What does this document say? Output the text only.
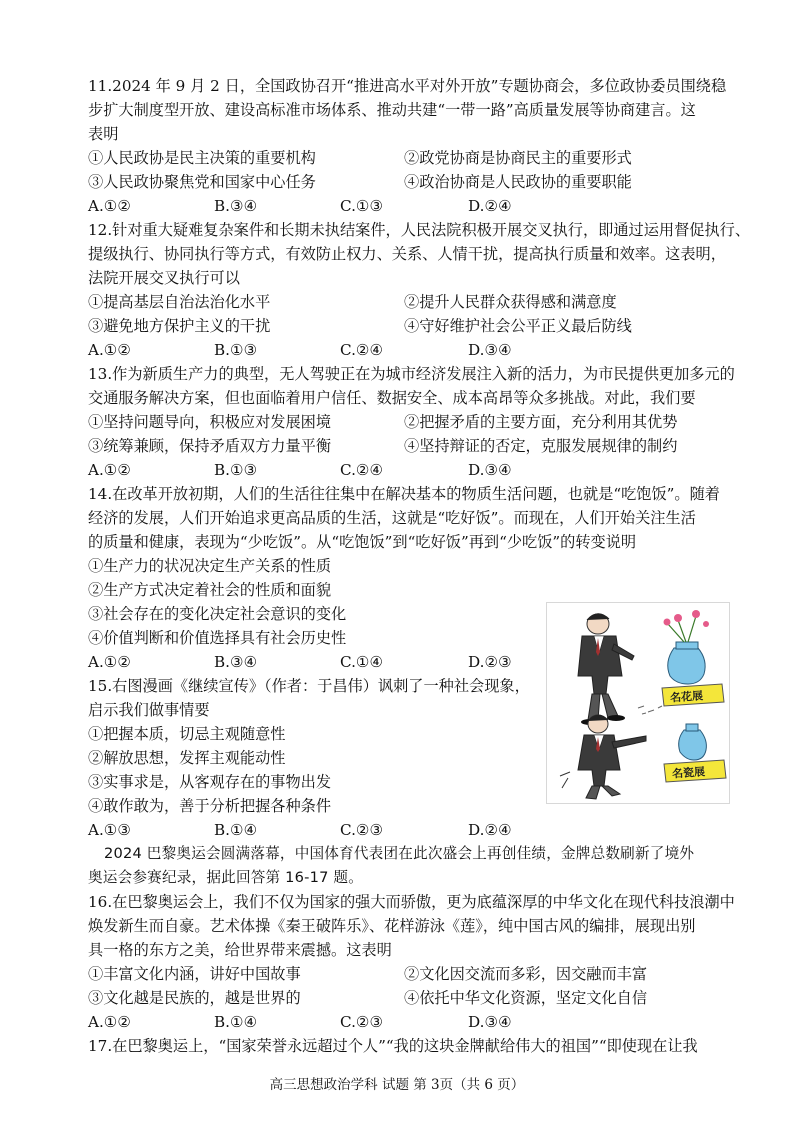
11.2024 年 9 月 2 日，全国政协召开“推进高水平对外开放”专题协商会，多位政协委员围绕稳
步扩大制度型开放、建设高标准市场体系、推动共建“一带一路”高质量发展等协商建言。这
表明
①人民政协是民主决策的重要机构	②政党协商是协商民主的重要形式
③人民政协聚焦党和国家中心任务	④政治协商是人民政协的重要职能
A.①②	B.③④	C.①③	D.②④
12.针对重大疑难复杂案件和长期未执结案件，人民法院积极开展交叉执行，即通过运用督促执行、
提级执行、协同执行等方式，有效防止权力、关系、人情干扰，提高执行质量和效率。这表明，
法院开展交叉执行可以
①提高基层自治法治化水平	②提升人民群众获得感和满意度
③避免地方保护主义的干扰	④守好维护社会公平正义最后防线
A.①②	B.①③	C.②④	D.③④
13.作为新质生产力的典型，无人驾驶正在为城市经济发展注入新的活力，为市民提供更加多元的
交通服务解决方案，但也面临着用户信任、数据安全、成本高昂等众多挑战。对此，我们要
①坚持问题导向，积极应对发展困境	②把握矛盾的主要方面，充分利用其优势
③统筹兼顾，保持矛盾双方力量平衡	④坚持辩证的否定，克服发展规律的制约
A.①②	B.①③	C.②④	D.③④
14.在改革开放初期，人们的生活往往集中在解决基本的物质生活问题，也就是“吃饱饭”。随着
经济的发展，人们开始追求更高品质的生活，这就是“吃好饭”。而现在，人们开始关注生活
的质量和健康，表现为“少吃饭”。从“吃饱饭”到“吃好饭”再到“少吃饭”的转变说明
①生产力的状况决定生产关系的性质
②生产方式决定着社会的性质和面貌
③社会存在的变化决定社会意识的变化
④价值判断和价值选择具有社会历史性
A.①②	B.③④	C.①④	D.②③
15.右图漫画《继续宣传》（作者：于昌伟）讽刺了一种社会现象，
启示我们做事情要
①把握本质，切忌主观随意性
②解放思想，发挥主观能动性
③实事求是，从客观存在的事物出发
④敢作敢为，善于分析把握各种条件
A.①③	B.①④	C.②③	D.②④
名花展
名瓷展
2024 巴黎奥运会圆满落幕，中国体育代表团在此次盛会上再创佳绩，金牌总数刷新了境外
奥运会参赛纪录，据此回答第 16-17 题。
16.在巴黎奥运会上，我们不仅为国家的强大而骄傲，更为底蕴深厚的中华文化在现代科技浪潮中
焕发新生而自豪。艺术体操《秦王破阵乐》、花样游泳《莲》，纯中国古风的编排，展现出别
具一格的东方之美，给世界带来震撼。这表明
①丰富文化内涵，讲好中国故事	②文化因交流而多彩，因交融而丰富
③文化越是民族的，越是世界的	④依托中华文化资源，坚定文化自信
A.①②	B.①④	C.②③	D.③④
17.在巴黎奥运上，“国家荣誉永远超过个人”“我的这块金牌献给伟大的祖国”“即使现在让我
高三思想政治学科 试题 第 3页（共 6 页）
